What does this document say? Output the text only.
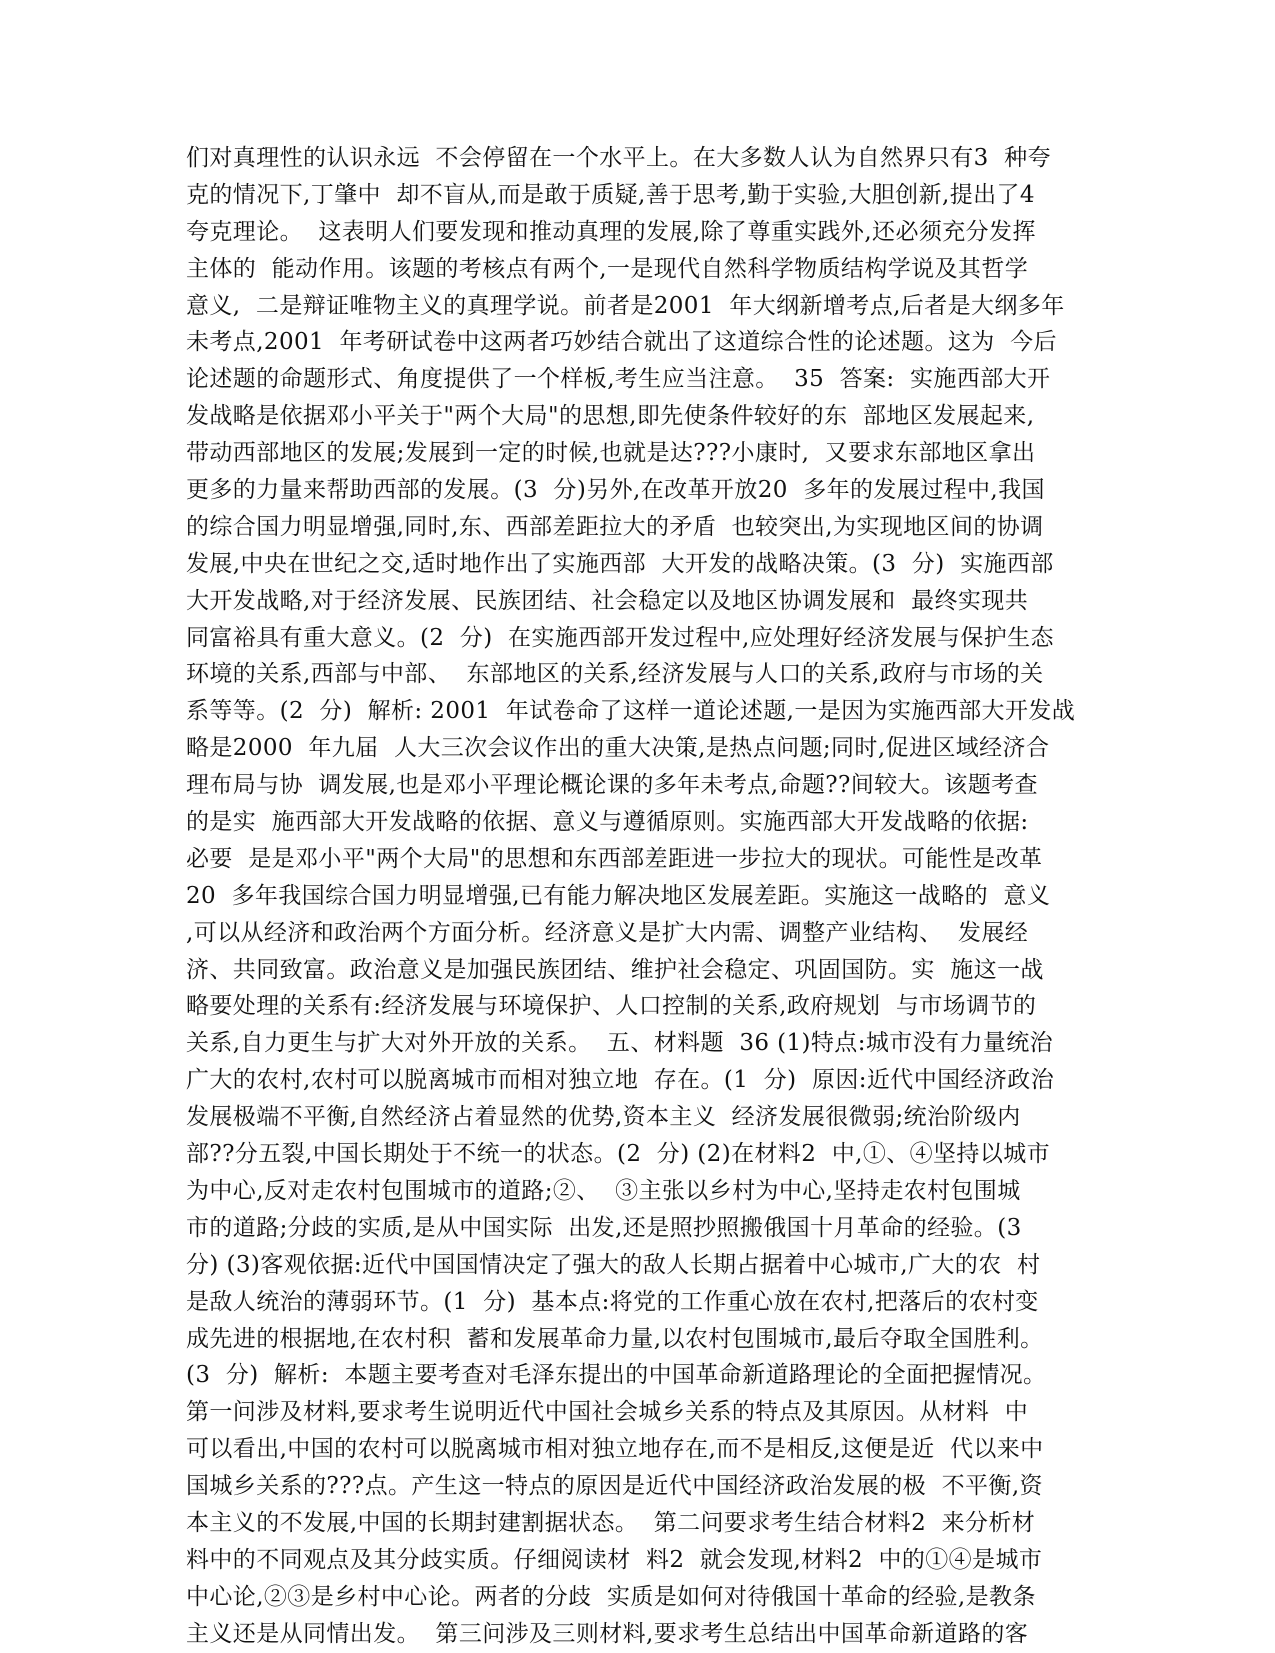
们对真理性的认识永远  不会停留在一个水平上。在大多数人认为自然界只有3  种夸
克的情况下,丁肇中  却不盲从,而是敢于质疑,善于思考,勤于实验,大胆创新,提出了4
夸克理论。  这表明人们要发现和推动真理的发展,除了尊重实践外,还必须充分发挥
主体的  能动作用。该题的考核点有两个,一是现代自然科学物质结构学说及其哲学
意义,  二是辩证唯物主义的真理学说。前者是2001  年大纲新增考点,后者是大纲多年
未考点,2001  年考研试卷中这两者巧妙结合就出了这道综合性的论述题。这为  今后
论述题的命题形式、角度提供了一个样板,考生应当注意。  35  答案:  实施西部大开
发战略是依据邓小平关于"两个大局"的思想,即先使条件较好的东  部地区发展起来,
带动西部地区的发展;发展到一定的时候,也就是达???小康时,  又要求东部地区拿出
更多的力量来帮助西部的发展。(3  分)另外,在改革开放20  多年的发展过程中,我国
的综合国力明显增强,同时,东、西部差距拉大的矛盾  也较突出,为实现地区间的协调
发展,中央在世纪之交,适时地作出了实施西部  大开发的战略决策。(3  分)  实施西部
大开发战略,对于经济发展、民族团结、社会稳定以及地区协调发展和  最终实现共
同富裕具有重大意义。(2  分)  在实施西部开发过程中,应处理好经济发展与保护生态
环境的关系,西部与中部、  东部地区的关系,经济发展与人口的关系,政府与市场的关
系等等。(2  分)  解析: 2001  年试卷命了这样一道论述题,一是因为实施西部大开发战
略是2000  年九届  人大三次会议作出的重大决策,是热点问题;同时,促进区域经济合
理布局与协  调发展,也是邓小平理论概论课的多年未考点,命题??间较大。该题考查
的是实  施西部大开发战略的依据、意义与遵循原则。实施西部大开发战略的依据:
必要  是是邓小平"两个大局"的思想和东西部差距进一步拉大的现状。可能性是改革
20  多年我国综合国力明显增强,已有能力解决地区发展差距。实施这一战略的  意义
,可以从经济和政治两个方面分析。经济意义是扩大内需、调整产业结构、  发展经
济、共同致富。政治意义是加强民族团结、维护社会稳定、巩固国防。实  施这一战
略要处理的关系有:经济发展与环境保护、人口控制的关系,政府规划  与市场调节的
关系,自力更生与扩大对外开放的关系。  五、材料题  36 (1)特点:城市没有力量统治
广大的农村,农村可以脱离城市而相对独立地  存在。(1  分)  原因:近代中国经济政治
发展极端不平衡,自然经济占着显然的优势,资本主义  经济发展很微弱;统治阶级内
部??分五裂,中国长期处于不统一的状态。(2  分) (2)在材料2  中,①、④坚持以城市
为中心,反对走农村包围城市的道路;②、  ③主张以乡村为中心,坚持走农村包围城
市的道路;分歧的实质,是从中国实际  出发,还是照抄照搬俄国十月革命的经验。(3
分) (3)客观依据:近代中国国情决定了强大的敌人长期占据着中心城市,广大的农  村
是敌人统治的薄弱环节。(1  分)  基本点:将党的工作重心放在农村,把落后的农村变
成先进的根据地,在农村积  蓄和发展革命力量,以农村包围城市,最后夺取全国胜利。
(3  分)  解析:  本题主要考查对毛泽东提出的中国革命新道路理论的全面把握情况。
第一问涉及材料,要求考生说明近代中国社会城乡关系的特点及其原因。从材料  中
可以看出,中国的农村可以脱离城市相对独立地存在,而不是相反,这便是近  代以来中
国城乡关系的???点。产生这一特点的原因是近代中国经济政治发展的极  不平衡,资
本主义的不发展,中国的长期封建割据状态。  第二问要求考生结合材料2  来分析材
料中的不同观点及其分歧实质。仔细阅读材  料2  就会发现,材料2  中的①④是城市
中心论,②③是乡村中心论。两者的分歧  实质是如何对待俄国十革命的经验,是教条
主义还是从同情出发。  第三问涉及三则材料,要求考生总结出中国革命新道路的客
